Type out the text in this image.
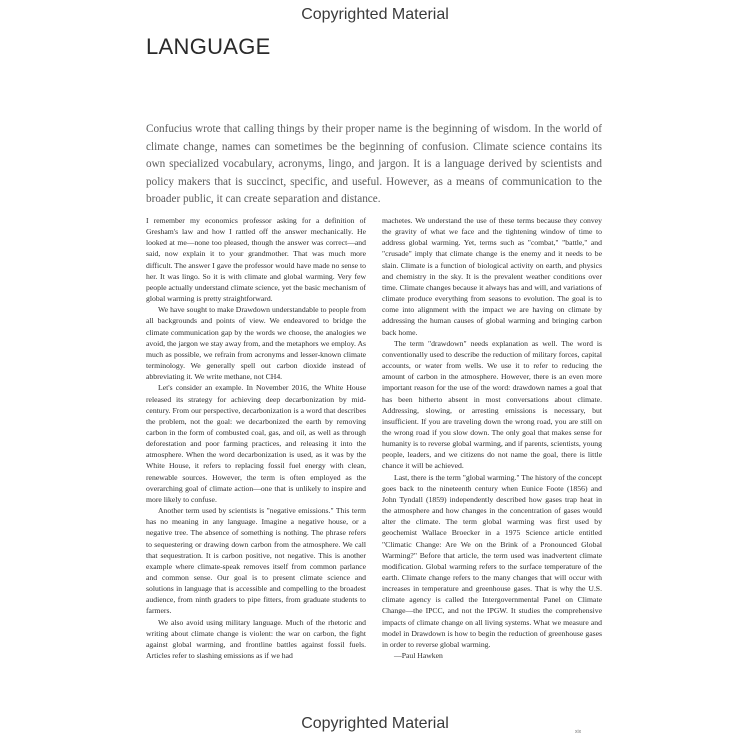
Copyrighted Material
LANGUAGE

Confucius wrote that calling things by their proper name is the beginning of wisdom. In the world of climate change, names can sometimes be the beginning of confusion. Climate science contains its own specialized vocabulary, acronyms, lingo, and jargon. It is a language derived by scientists and policy makers that is succinct, specific, and useful. However, as a means of communication to the broader public, it can create separation and distance.

I remember my economics professor asking for a definition of Gresham's law and how I rattled off the answer mechanically. He looked at me—none too pleased, though the answer was correct—and said, now explain it to your grandmother. That was much more difficult. The answer I gave the professor would have made no sense to her. It was lingo. So it is with climate and global warming. Very few people actually understand climate science, yet the basic mechanism of global warming is pretty straightforward.

We have sought to make Drawdown understandable to people from all backgrounds and points of view. We endeavored to bridge the climate communication gap by the words we choose, the analogies we avoid, the jargon we stay away from, and the metaphors we employ. As much as possible, we refrain from acronyms and lesser-known climate terminology. We generally spell out carbon dioxide instead of abbreviating it. We write methane, not CH4.

Let's consider an example. In November 2016, the White House released its strategy for achieving deep decarbonization by mid-century. From our perspective, decarbonization is a word that describes the problem, not the goal: we decarbonized the earth by removing carbon in the form of combusted coal, gas, and oil, as well as through deforestation and poor farming practices, and releasing it into the atmosphere. When the word decarbonization is used, as it was by the White House, it refers to replacing fossil fuel energy with clean, renewable sources. However, the term is often employed as the overarching goal of climate action—one that is unlikely to inspire and more likely to confuse.

Another term used by scientists is "negative emissions." This term has no meaning in any language. Imagine a negative house, or a negative tree. The absence of something is nothing. The phrase refers to sequestering or drawing down carbon from the atmosphere. We call that sequestration. It is carbon positive, not negative. This is another example where climate-speak removes itself from common parlance and common sense. Our goal is to present climate science and solutions in language that is accessible and compelling to the broadest audience, from ninth graders to pipe fitters, from graduate students to farmers.

We also avoid using military language. Much of the rhetoric and writing about climate change is violent: the war on carbon, the fight against global warming, and frontline battles against fossil fuels. Articles refer to slashing emissions as if we had

machetes. We understand the use of these terms because they convey the gravity of what we face and the tightening window of time to address global warming. Yet, terms such as "combat," "battle," and "crusade" imply that climate change is the enemy and it needs to be slain. Climate is a function of biological activity on earth, and physics and chemistry in the sky. It is the prevalent weather conditions over time. Climate changes because it always has and will, and variations of climate produce everything from seasons to evolution. The goal is to come into alignment with the impact we are having on climate by addressing the human causes of global warming and bringing carbon back home.

The term "drawdown" needs explanation as well. The word is conventionally used to describe the reduction of military forces, capital accounts, or water from wells. We use it to refer to reducing the amount of carbon in the atmosphere. However, there is an even more important reason for the use of the word: drawdown names a goal that has been hitherto absent in most conversations about climate. Addressing, slowing, or arresting emissions is necessary, but insufficient. If you are traveling down the wrong road, you are still on the wrong road if you slow down. The only goal that makes sense for humanity is to reverse global warming, and if parents, scientists, young people, leaders, and we citizens do not name the goal, there is little chance it will be achieved.

Last, there is the term "global warming." The history of the concept goes back to the nineteenth century when Eunice Foote (1856) and John Tyndall (1859) independently described how gases trap heat in the atmosphere and how changes in the concentration of gases would alter the climate. The term global warming was first used by geochemist Wallace Broecker in a 1975 Science article entitled "Climatic Change: Are We on the Brink of a Pronounced Global Warming?" Before that article, the term used was inadvertent climate modification. Global warming refers to the surface temperature of the earth. Climate change refers to the many changes that will occur with increases in temperature and greenhouse gases. That is why the U.S. climate agency is called the Intergovernmental Panel on Climate Change—the IPCC, and not the IPGW. It studies the comprehensive impacts of climate change on all living systems. What we measure and model in Drawdown is how to begin the reduction of greenhouse gases in order to reverse global warming.

—Paul Hawken

Copyrighted Material	xix
